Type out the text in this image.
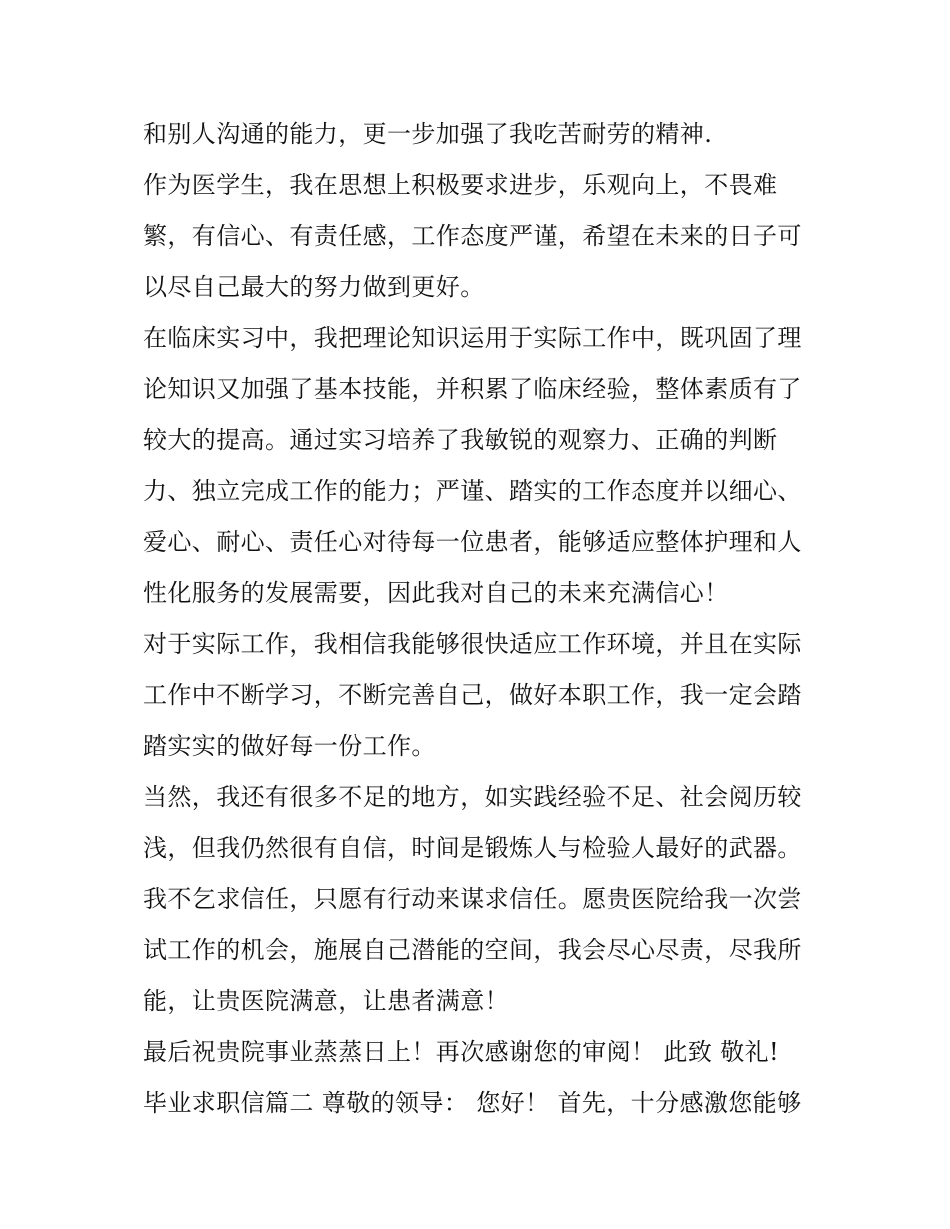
和别人沟通的能力，更一步加强了我吃苦耐劳的精神.
作为医学生，我在思想上积极要求进步，乐观向上，不畏难
繁，有信心、有责任感，工作态度严谨，希望在未来的日子可
以尽自己最大的努力做到更好。
在临床实习中，我把理论知识运用于实际工作中，既巩固了理
论知识又加强了基本技能，并积累了临床经验，整体素质有了
较大的提高。通过实习培养了我敏锐的观察力、正确的判断
力、独立完成工作的能力；严谨、踏实的工作态度并以细心、
爱心、耐心、责任心对待每一位患者，能够适应整体护理和人
性化服务的发展需要，因此我对自己的未来充满信心！
对于实际工作，我相信我能够很快适应工作环境，并且在实际
工作中不断学习，不断完善自己，做好本职工作，我一定会踏
踏实实的做好每一份工作。
当然，我还有很多不足的地方，如实践经验不足、社会阅历较
浅，但我仍然很有自信，时间是锻炼人与检验人最好的武器。
我不乞求信任，只愿有行动来谋求信任。愿贵医院给我一次尝
试工作的机会，施展自己潜能的空间，我会尽心尽责，尽我所
能，让贵医院满意，让患者满意！
最后祝贵院事业蒸蒸日上！再次感谢您的审阅！ 此致 敬礼!
毕业求职信篇二 尊敬的领导： 您好！ 首先，十分感激您能够
